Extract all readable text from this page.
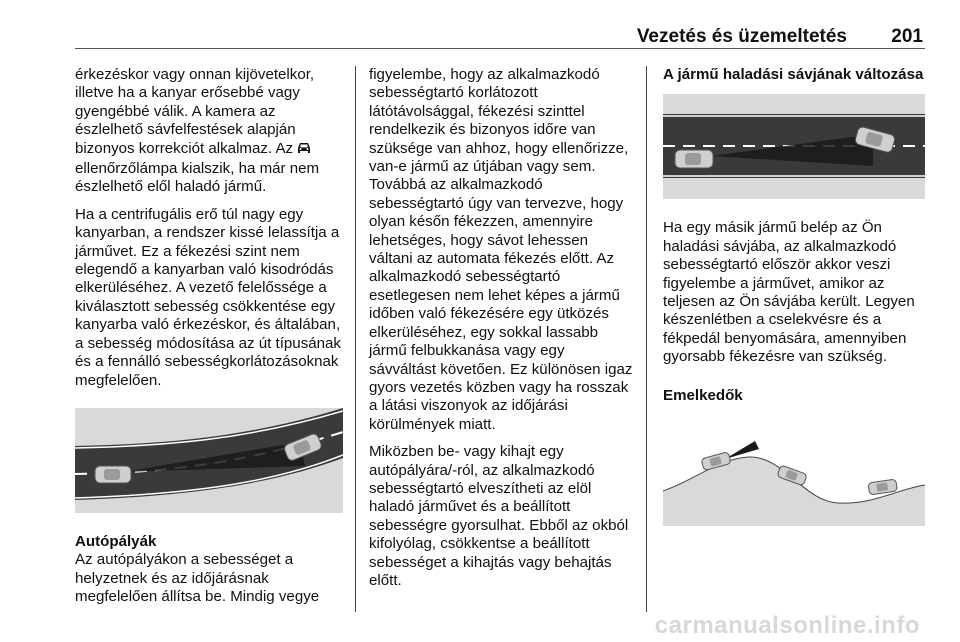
Vezetés és üzemeltetés 201

érkezéskor vagy onnan kijövetelkor, illetve ha a kanyar erősebbé vagy gyengébbé válik. A kamera az észlelhető sávfelfestések alapján bizonyos korrekciót alkalmaz. Az  ellenőrzőlámpa kialszik, ha már nem észlelhető elől haladó jármű.

Ha a centrifugális erő túl nagy egy kanyarban, a rendszer kissé lelassítja a járművet. Ez a fékezési szint nem elegendő a kanyarban való kisodródás elkerüléséhez. A vezető felelőssége a kiválasztott sebesség csökkentése egy kanyarba való érkezéskor, és általában, a sebesség módosítása az út típusának és a fennálló sebességkorlátozásoknak megfelelően.

Autópályák

Az autópályákon a sebességet a helyzetnek és az időjárásnak megfelelően állítsa be. Mindig vegye

figyelembe, hogy az alkalmazkodó sebességtartó korlátozott látótávolsággal, fékezési szinttel rendelkezik és bizonyos időre van szüksége van ahhoz, hogy ellenőrizze, van-e jármű az útjában vagy sem. Továbbá az alkalmazkodó sebességtartó úgy van tervezve, hogy olyan későn fékezzen, amennyire lehetséges, hogy sávot lehessen váltani az automata fékezés előtt. Az alkalmazkodó sebességtartó esetlegesen nem lehet képes a jármű időben való fékezésére egy ütközés elkerüléséhez, egy sokkal lassabb jármű felbukkanása vagy egy sávváltást követően. Ez különösen igaz gyors vezetés közben vagy ha rosszak a látási viszonyok az időjárási körülmények miatt.

Miközben be- vagy kihajt egy autópályára/-ról, az alkalmazkodó sebességtartó elveszítheti az elöl haladó járművet és a beállított sebességre gyorsulhat. Ebből az okból kifolyólag, csökkentse a beállított sebességet a kihajtás vagy behajtás előtt.

A jármű haladási sávjának változása

Ha egy másik jármű belép az Ön haladási sávjába, az alkalmazkodó sebességtartó először akkor veszi figyelembe a járművet, amikor az teljesen az Ön sávjába került. Legyen készenlétben a cselekvésre és a fékpedál benyomására, amennyiben gyorsabb fékezésre van szükség.

Emelkedők

carmanualsonline.info
